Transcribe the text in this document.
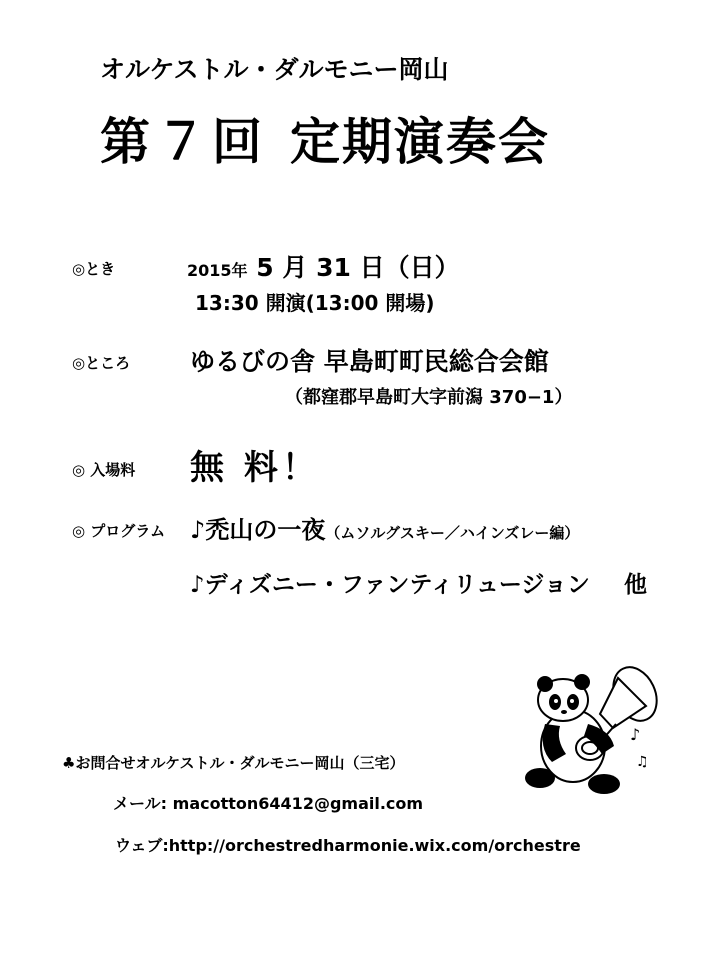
オルケストル・ダルモニー岡山
第７回 定期演奏会
◎とき	2015年 5 月 31 日（日）
13:30 開演(13:00 開場)
◎ところ ゆるびの舎 早島町町民総合会館
（都窪郡早島町大字前潟 370−1）
◎ 入場料 無 料！
◎ プログラム ♪禿山の一夜（ムソルグスキー／ハインズレー編）
♪ディズニー・ファンティリュージョン 他
♪
♫
♣お問合せオルケストル・ダルモニー岡山（三宅）
メール: macotton64412@gmail.com
ウェブ:http://orchestredharmonie.wix.com/orchestre
